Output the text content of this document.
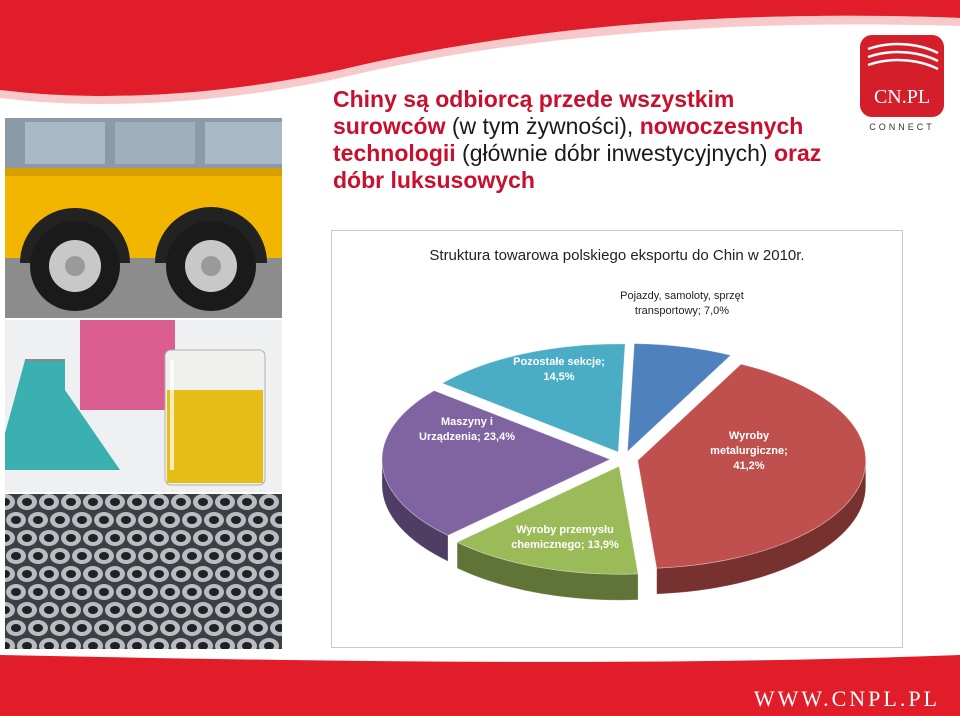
Chiny są odbiorcą przede wszystkim surowców (w tym żywności), nowoczesnych technologii (głównie dóbr inwestycyjnych) oraz dóbr luksusowych
CN.PL
CONNECT
Struktura towarowa polskiego eksportu do Chin w 2010r.
Pojazdy, samoloty, sprzęt transportowy; 7,0%
Wyroby metalurgiczne; 41,2%
Wyroby przemysłu chemicznego; 13,9%
Maszyny i Urządzenia; 23,4%
Pozostałe sekcje; 14,5%
WWW.CNPL.PL
